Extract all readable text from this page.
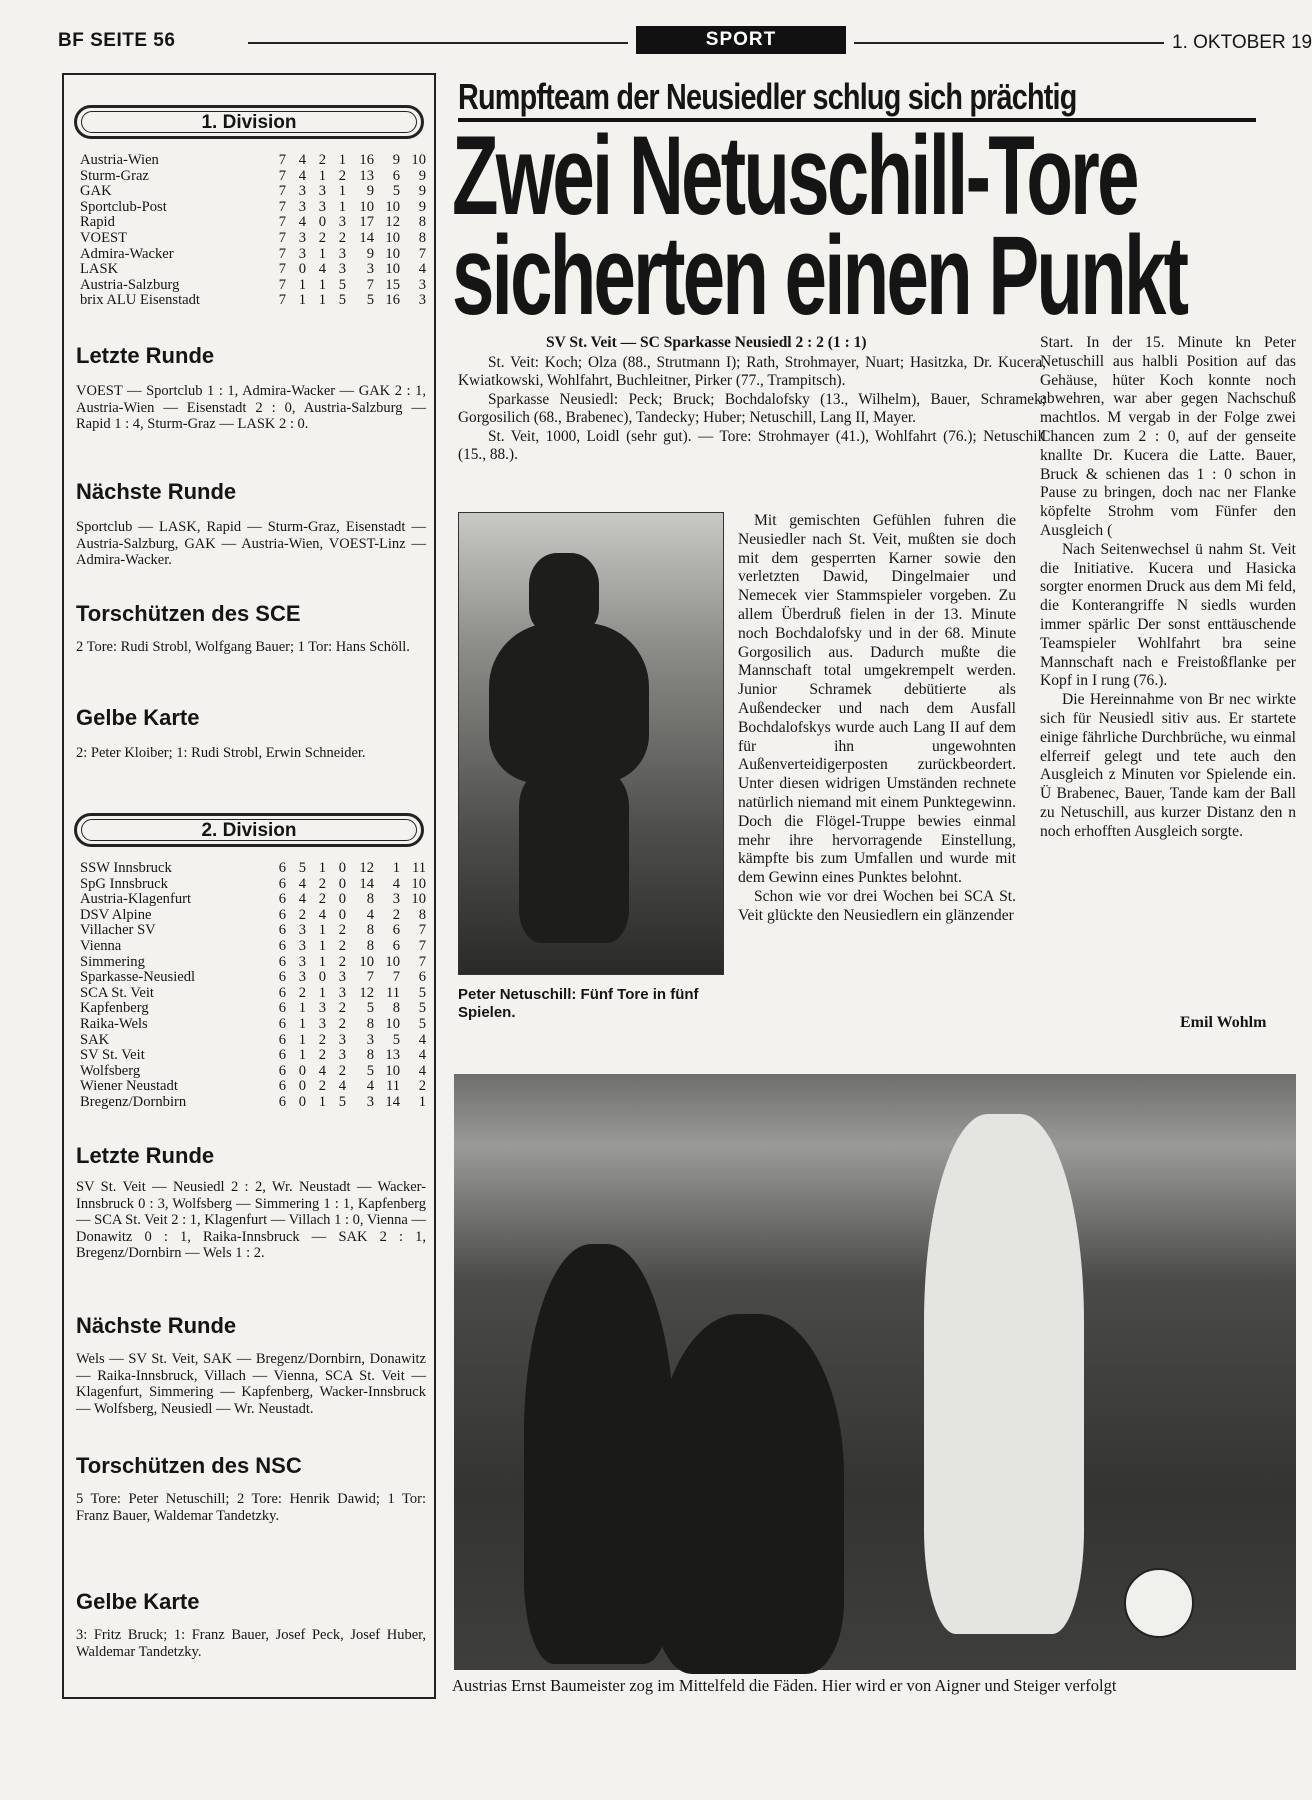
BF SEITE 56	SPORT	1. OKTOBER 19
1. Division
Austria-Wien	7 4 2 1 16	9 10
Sturm-Graz	7 4 1 2 13	6	9
GAK	7 3 3 1	9	5	9
Sportclub-Post	7 3 3 1 10 10	9
Rapid	7 4 0 3 17 12	8
VOEST	7 3 2 2 14 10	8
Admira-Wacker	7 3 1 3	9 10	7
LASK	7 0 4 3	3 10	4
Austria-Salzburg	7 1 1 5	7 15	3
brix ALU Eisenstadt	7 1 1 5	5 16	3
Letzte Runde
VOEST — Sportclub 1 : 1, Admira-Wacker — GAK 2 : 1, Austria-Wien — Eisenstadt 2 : 0, Austria-Salzburg — Rapid 1 : 4, Sturm-Graz — LASK 2 : 0.
Nächste Runde
Sportclub — LASK, Rapid — Sturm-Graz, Eisenstadt — Austria-Salzburg, GAK — Austria-Wien, VOEST-Linz — Admira-Wacker.
Torschützen des SCE
2 Tore: Rudi Strobl, Wolfgang Bauer; 1 Tor: Hans Schöll.
Gelbe Karte
2: Peter Kloiber; 1: Rudi Strobl, Erwin Schneider.
2. Division
SSW Innsbruck	6 5 1 0 12	1 11
SpG Innsbruck	6 4 2 0 14	4 10
Austria-Klagenfurt	6 4 2 0	8	3 10
DSV Alpine	6 2 4 0	4	2	8
Villacher SV	6 3 1 2	8	6	7
Vienna	6 3 1 2	8	6	7
Simmering	6 3 1 2 10 10	7
Sparkasse-Neusiedl	6 3 0 3	7	7	6
SCA St. Veit	6 2 1 3 12 11	5
Kapfenberg	6 1 3 2	5	8	5
Raika-Wels	6 1 3 2	8 10	5
SAK	6 1 2 3	3	5	4
SV St. Veit	6 1 2 3	8 13	4
Wolfsberg	6 0 4 2	5 10	4
Wiener Neustadt	6 0 2 4	4 11	2
Bregenz/Dornbirn	6 0 1 5	3 14	1
Letzte Runde
SV St. Veit — Neusiedl 2 : 2, Wr. Neustadt — Wacker-Innsbruck 0 : 3, Wolfsberg — Simmering 1 : 1, Kapfenberg — SCA St. Veit 2 : 1, Klagenfurt — Villach 1 : 0, Vienna — Donawitz 0 : 1, Raika-Innsbruck — SAK 2 : 1, Bregenz/Dornbirn — Wels 1 : 2.
Nächste Runde
Wels — SV St. Veit, SAK — Bregenz/Dornbirn, Donawitz — Raika-Innsbruck, Villach — Vienna, SCA St. Veit — Klagenfurt, Simmering — Kapfenberg, Wacker-Innsbruck — Wolfsberg, Neusiedl — Wr. Neustadt.
Torschützen des NSC
5 Tore: Peter Netuschill; 2 Tore: Henrik Dawid; 1 Tor: Franz Bauer, Waldemar Tandetzky.
Gelbe Karte
3: Fritz Bruck; 1: Franz Bauer, Josef Peck, Josef Huber, Waldemar Tandetzky.
Rumpfteam der Neusiedler schlug sich prächtig
Zwei Netuschill-Tore
sicherten einen Punkt
SV St. Veit — SC Sparkasse Neusiedl 2 : 2 (1 : 1)

St. Veit: Koch; Olza (88., Strutmann I); Rath, Strohmayer, Nuart; Hasitzka, Dr. Kucera, Kwiatkowski, Wohlfahrt, Buchleitner, Pirker (77., Trampitsch).

Sparkasse Neusiedl: Peck; Bruck; Bochdalofsky (13., Wilhelm), Bauer, Schramek; Gorgosilich (68., Brabenec), Tandecky; Huber; Netuschill, Lang II, Mayer.

St. Veit, 1000, Loidl (sehr gut). — Tore: Strohmayer (41.), Wohlfahrt (76.); Netuschill (15., 88.).

Peter Netuschill: Fünf Tore in fünf Spielen.

Mit gemischten Gefühlen fuhren die Neusiedler nach St. Veit, mußten sie doch mit dem gesperrten Karner sowie den verletzten Dawid, Dingelmaier und Nemecek vier Stammspieler vorgeben. Zu allem Überdruß fielen in der 13. Minute noch Bochdalofsky und in der 68. Minute Gorgosilich aus. Dadurch mußte die Mannschaft total umgekrempelt werden. Junior Schramek debütierte als Außendecker und nach dem Ausfall Bochdalofskys wurde auch Lang II auf dem für ihn ungewohnten Außenverteidigerposten zurückbeordert. Unter diesen widrigen Umständen rechnete natürlich niemand mit einem Punktegewinn. Doch die Flögel-Truppe bewies einmal mehr ihre hervorragende Einstellung, kämpfte bis zum Umfallen und wurde mit dem Gewinn eines Punktes belohnt.

Schon wie vor drei Wochen bei SCA St. Veit glückte den Neusiedlern ein glänzender

Start. In der 15. Minute kn Peter Netuschill aus halbli Position auf das Gehäuse, hüter Koch konnte noch abwehren, war aber gegen Nachschuß machtlos. M vergab in der Folge zwei Chancen zum 2 : 0, auf der genseite knallte Dr. Kucera die Latte. Bauer, Bruck & schienen das 1 : 0 schon in Pause zu bringen, doch nac ner Flanke köpfelte Strohm vom Fünfer den Ausgleich (

Nach Seitenwechsel ü nahm St. Veit die Initiative. Kucera und Hasicka sorgter enormen Druck aus dem Mi feld, die Konterangriffe N siedls wurden immer spärlic Der sonst enttäuschende Teamspieler Wohlfahrt bra seine Mannschaft nach e Freistoßflanke per Kopf in I rung (76.).

Die Hereinnahme von Br nec wirkte sich für Neusiedl sitiv aus. Er startete einige fährliche Durchbrüche, wu einmal elferreif gelegt und tete auch den Ausgleich z Minuten vor Spielende ein. Ü Brabenec, Bauer, Tande kam der Ball zu Netuschill, aus kurzer Distanz den n noch erhofften Ausgleich sorgte.

Emil Wohlm
Austrias Ernst Baumeister zog im Mittelfeld die Fäden. Hier wird er von Aigner und Steiger verfolgt
